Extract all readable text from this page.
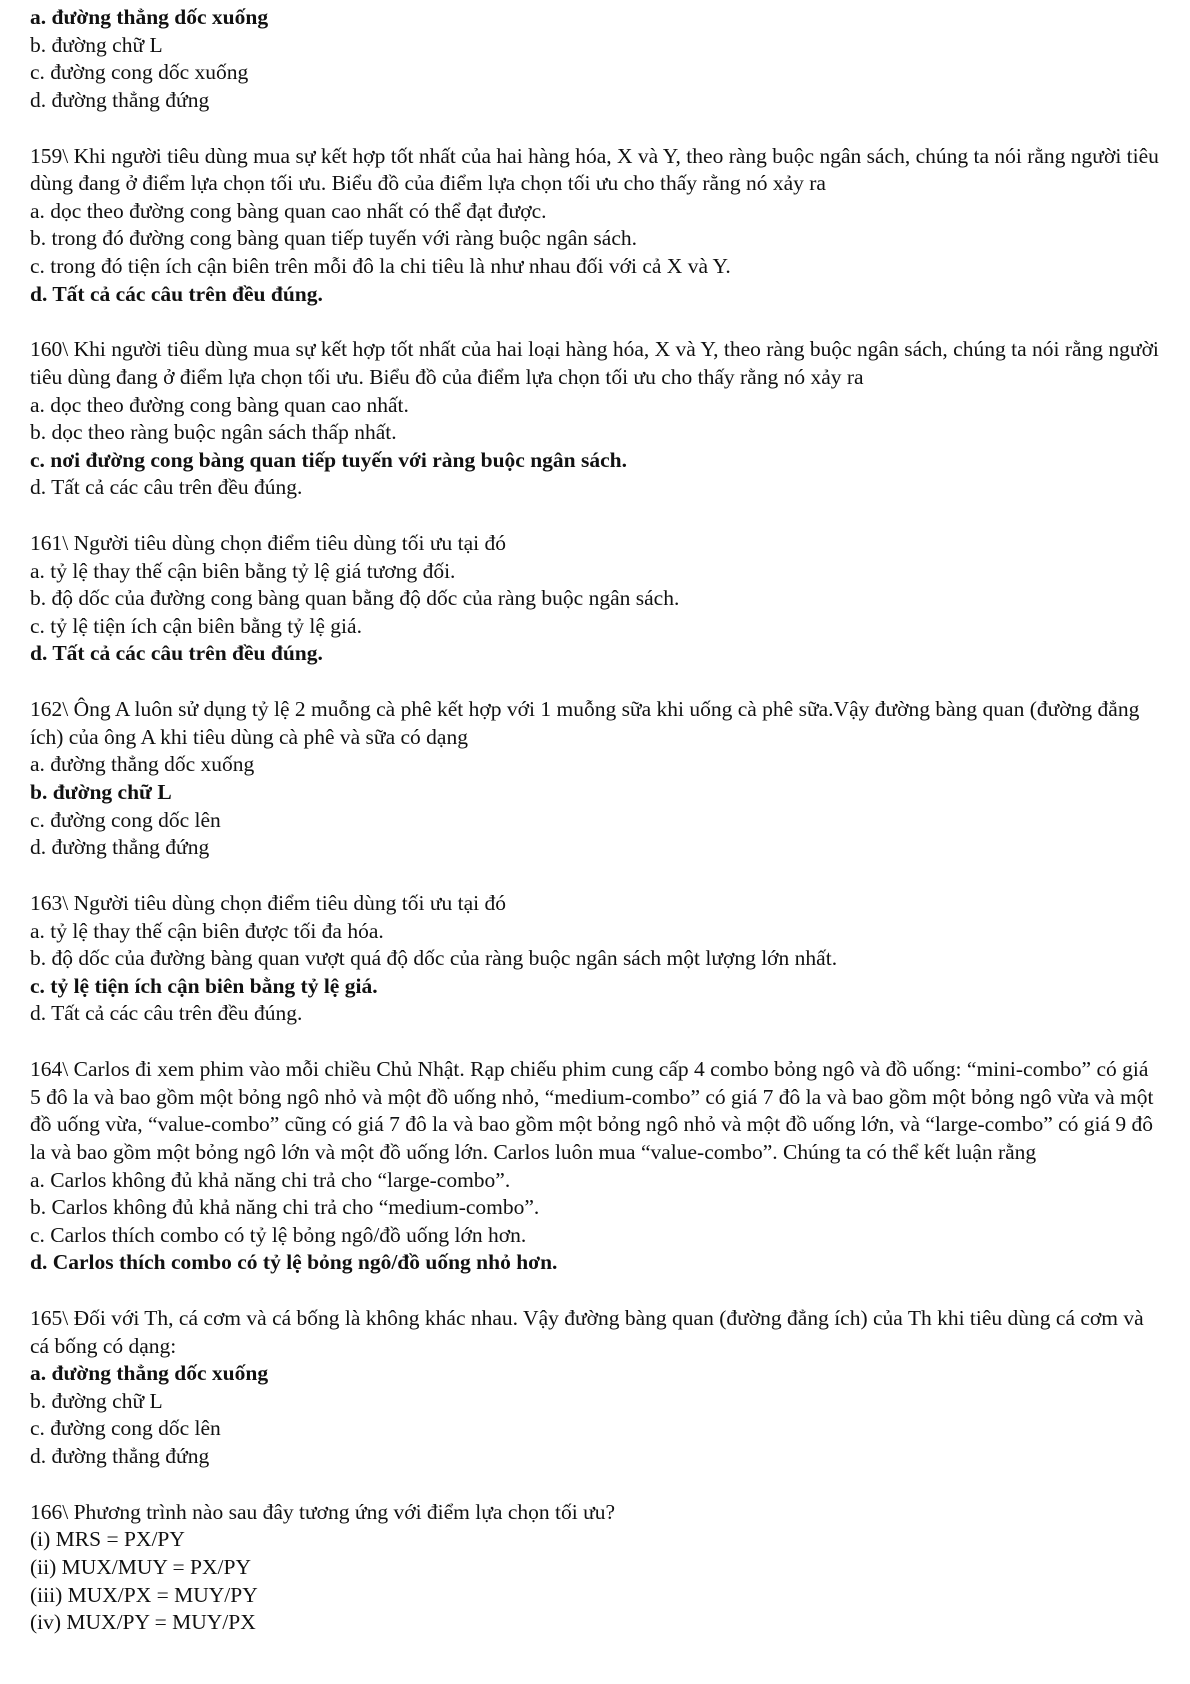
a. đường thẳng dốc xuống

b. đường chữ L

c. đường cong dốc xuống

d. đường thẳng đứng

159\ Khi người tiêu dùng mua sự kết hợp tốt nhất của hai hàng hóa, X và Y, theo ràng buộc ngân sách, chúng ta nói rằng người tiêu dùng đang ở điểm lựa chọn tối ưu. Biểu đồ của điểm lựa chọn tối ưu cho thấy rằng nó xảy ra

a. dọc theo đường cong bàng quan cao nhất có thể đạt được.

b. trong đó đường cong bàng quan tiếp tuyến với ràng buộc ngân sách.

c. trong đó tiện ích cận biên trên mỗi đô la chi tiêu là như nhau đối với cả X và Y.

d. Tất cả các câu trên đều đúng.

160\ Khi người tiêu dùng mua sự kết hợp tốt nhất của hai loại hàng hóa, X và Y, theo ràng buộc ngân sách, chúng ta nói rằng người tiêu dùng đang ở điểm lựa chọn tối ưu. Biểu đồ của điểm lựa chọn tối ưu cho thấy rằng nó xảy ra

a. dọc theo đường cong bàng quan cao nhất.

b. dọc theo ràng buộc ngân sách thấp nhất.

c. nơi đường cong bàng quan tiếp tuyến với ràng buộc ngân sách.

d. Tất cả các câu trên đều đúng.

161\ Người tiêu dùng chọn điểm tiêu dùng tối ưu tại đó

a. tỷ lệ thay thế cận biên bằng tỷ lệ giá tương đối.

b. độ dốc của đường cong bàng quan bằng độ dốc của ràng buộc ngân sách.

c. tỷ lệ tiện ích cận biên bằng tỷ lệ giá.

d. Tất cả các câu trên đều đúng.

162\ Ông A luôn sử dụng tỷ lệ 2 muỗng cà phê kết hợp với 1 muỗng sữa khi uống cà phê sữa.Vậy đường bàng quan (đường đẳng ích) của ông A khi tiêu dùng cà phê và sữa có dạng

a. đường thẳng dốc xuống

b. đường chữ L

c. đường cong dốc lên

d. đường thẳng đứng

163\ Người tiêu dùng chọn điểm tiêu dùng tối ưu tại đó

a. tỷ lệ thay thế cận biên được tối đa hóa.

b. độ dốc của đường bàng quan vượt quá độ dốc của ràng buộc ngân sách một lượng lớn nhất.

c. tỷ lệ tiện ích cận biên bằng tỷ lệ giá.

d. Tất cả các câu trên đều đúng.

164\ Carlos đi xem phim vào mỗi chiều Chủ Nhật. Rạp chiếu phim cung cấp 4 combo bỏng ngô và đồ uống: “mini-combo” có giá 5 đô la và bao gồm một bỏng ngô nhỏ và một đồ uống nhỏ, “medium-combo” có giá 7 đô la và bao gồm một bỏng ngô vừa và một đồ uống vừa, “value-combo” cũng có giá 7 đô la và bao gồm một bỏng ngô nhỏ và một đồ uống lớn, và “large-combo” có giá 9 đô la và bao gồm một bỏng ngô lớn và một đồ uống lớn. Carlos luôn mua “value-combo”. Chúng ta có thể kết luận rằng

a. Carlos không đủ khả năng chi trả cho “large-combo”.

b. Carlos không đủ khả năng chi trả cho “medium-combo”.

c. Carlos thích combo có tỷ lệ bỏng ngô/đồ uống lớn hơn.

d. Carlos thích combo có tỷ lệ bỏng ngô/đồ uống nhỏ hơn.

165\ Đối với Th, cá cơm và cá bống là không khác nhau. Vậy đường bàng quan (đường đẳng ích) của Th khi tiêu dùng cá cơm và cá bống có dạng:

a. đường thẳng dốc xuống

b. đường chữ L

c. đường cong dốc lên

d. đường thẳng đứng

166\ Phương trình nào sau đây tương ứng với điểm lựa chọn tối ưu?

(i) MRS = PX/PY

(ii) MUX/MUY = PX/PY

(iii) MUX/PX = MUY/PY

(iv) MUX/PY = MUY/PX
